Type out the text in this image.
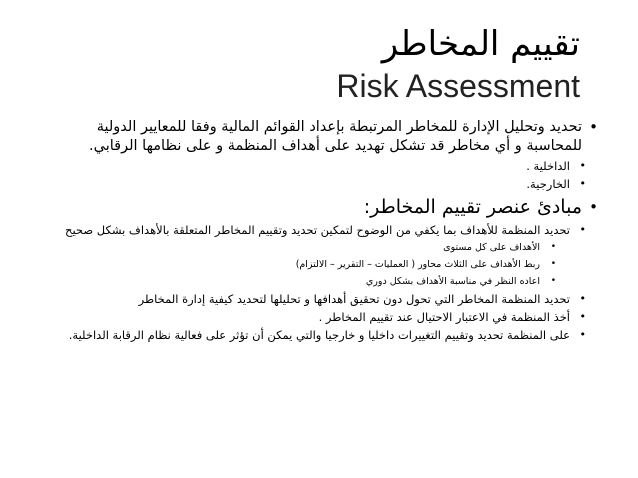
تقييم المخاطر
Risk Assessment
•
تحديد وتحليل الإدارة للمخاطر المرتبطة بإعداد القوائم المالية وفقا للمعايير الدولية للمحاسبة و أي مخاطر قد تشكل تهديد على أهداف المنظمة و على نظامها الرقابي.
•
الداخلية .
•
الخارجية.
•
مبادئ عنصر تقييم المخاطر:
•
تحديد المنظمة للأهداف بما يكفي من الوضوح لتمكين تحديد وتقييم المخاطر المتعلقة بالأهداف بشكل صحيح
•
الأهداف على كل مستوى
•
ربط الأهداف على الثلاث محاور ( العمليات – التقرير – الالتزام)
•
اعاده النظر في مناسبة الأهداف بشكل دوري
•
تحديد المنظمة المخاطر التي تحول دون تحقيق أهدافها و تحليلها لتحديد كيفية إدارة المخاطر
•
أخذ المنظمة في الاعتبار الاحتيال عند تقييم المخاطر .
•
على المنظمة تحديد وتقييم التغييرات داخليا و خارجيا والتي يمكن أن تؤثر على فعالية نظام الرقابة الداخلية.
